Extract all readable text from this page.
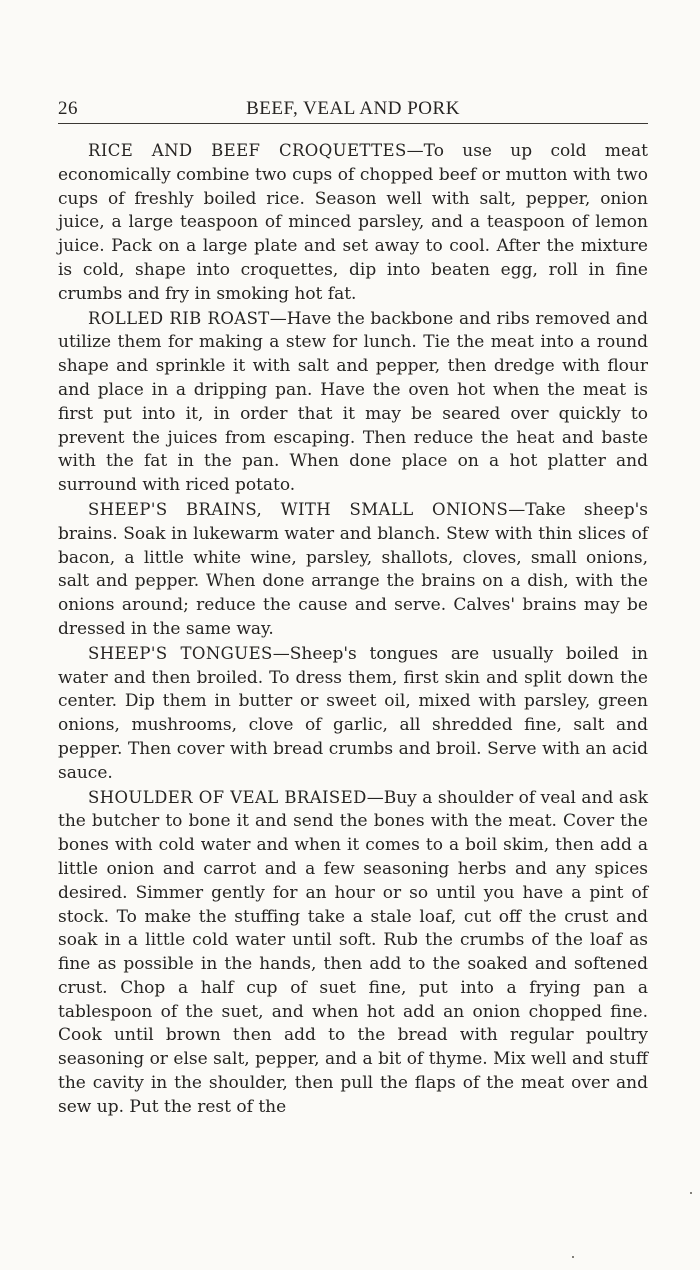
26	BEEF, VEAL AND PORK

RICE AND BEEF CROQUETTES—To use up cold meat economically combine two cups of chopped beef or mutton with two cups of freshly boiled rice. Season well with salt, pepper, onion juice, a large teaspoon of minced parsley, and a teaspoon of lemon juice. Pack on a large plate and set away to cool. After the mixture is cold, shape into croquettes, dip into beaten egg, roll in fine crumbs and fry in smoking hot fat.

ROLLED RIB ROAST—Have the backbone and ribs removed and utilize them for making a stew for lunch. Tie the meat into a round shape and sprinkle it with salt and pepper, then dredge with flour and place in a dripping pan. Have the oven hot when the meat is first put into it, in order that it may be seared over quickly to prevent the juices from escaping. Then reduce the heat and baste with the fat in the pan. When done place on a hot platter and surround with riced potato.

SHEEP'S BRAINS, WITH SMALL ONIONS—Take sheep's brains. Soak in lukewarm water and blanch. Stew with thin slices of bacon, a little white wine, parsley, shallots, cloves, small onions, salt and pepper. When done arrange the brains on a dish, with the onions around; reduce the cause and serve. Calves' brains may be dressed in the same way.

SHEEP'S TONGUES—Sheep's tongues are usually boiled in water and then broiled. To dress them, first skin and split down the center. Dip them in butter or sweet oil, mixed with parsley, green onions, mushrooms, clove of garlic, all shredded fine, salt and pepper. Then cover with bread crumbs and broil. Serve with an acid sauce.

SHOULDER OF VEAL BRAISED—Buy a shoulder of veal and ask the butcher to bone it and send the bones with the meat. Cover the bones with cold water and when it comes to a boil skim, then add a little onion and carrot and a few seasoning herbs and any spices desired. Simmer gently for an hour or so until you have a pint of stock. To make the stuffing take a stale loaf, cut off the crust and soak in a little cold water until soft. Rub the crumbs of the loaf as fine as possible in the hands, then add to the soaked and softened crust. Chop a half cup of suet fine, put into a frying pan a tablespoon of the suet, and when hot add an onion chopped fine. Cook until brown then add to the bread with regular poultry seasoning or else salt, pepper, and a bit of thyme. Mix well and stuff the cavity in the shoulder, then pull the flaps of the meat over and sew up. Put the rest of the
